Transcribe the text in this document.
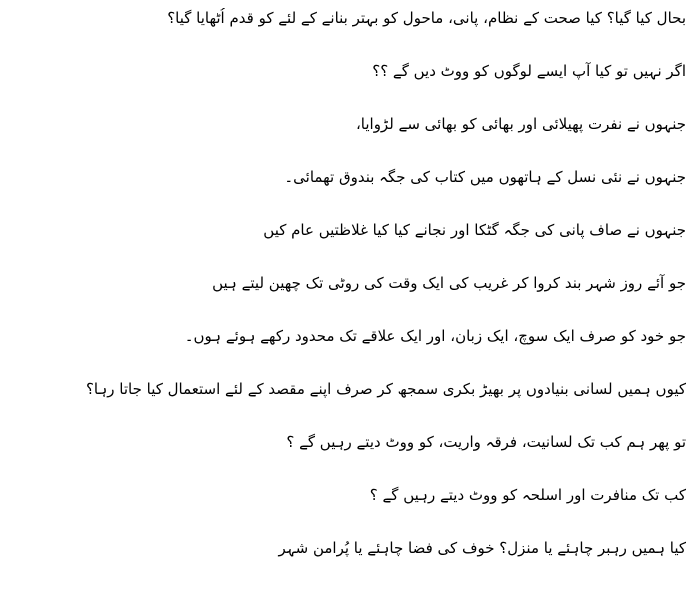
بحال کیا گیا؟ کیا صحت کے نظام، پانی، ماحول کو بہتر بنانے کے لئے کو قدم اُٹھایا گیا؟
اگر نہیں تو کیا آپ ایسے لوگوں کو ووٹ دیں گے ؟؟
جنہوں نے نفرت پھیلائی اور بھائی کو بھائی سے لڑوایا،
جنہوں نے نئی نسل کے ہاتھوں میں کتاب کی جگہ بندوق تھمائی۔
جنہوں نے صاف پانی کی جگہ گٹکا اور نجانے کیا کیا غلاظتیں عام کیں
جو آئے روز شہر بند کروا کر غریب کی ایک وقت کی روٹی تک چھین لیتے ہیں
جو خود کو صرف ایک سوچ، ایک زبان، اور ایک علاقے تک محدود رکھے ہوئے ہوں۔
کیوں ہمیں لسانی بنیادوں پر بھیڑ بکری سمجھ کر صرف اپنے مقصد کے لئے استعمال کیا جاتا رہا؟
تو پھر ہم کب تک لسانیت، فرقہ واریت، کو ووٹ دیتے رہیں گے ؟
کب تک منافرت اور اسلحہ کو ووٹ دیتے رہیں گے ؟
کیا ہمیں رہبر چاہئے یا منزل؟ خوف کی فضا چاہئے یا پُرامن شہر
